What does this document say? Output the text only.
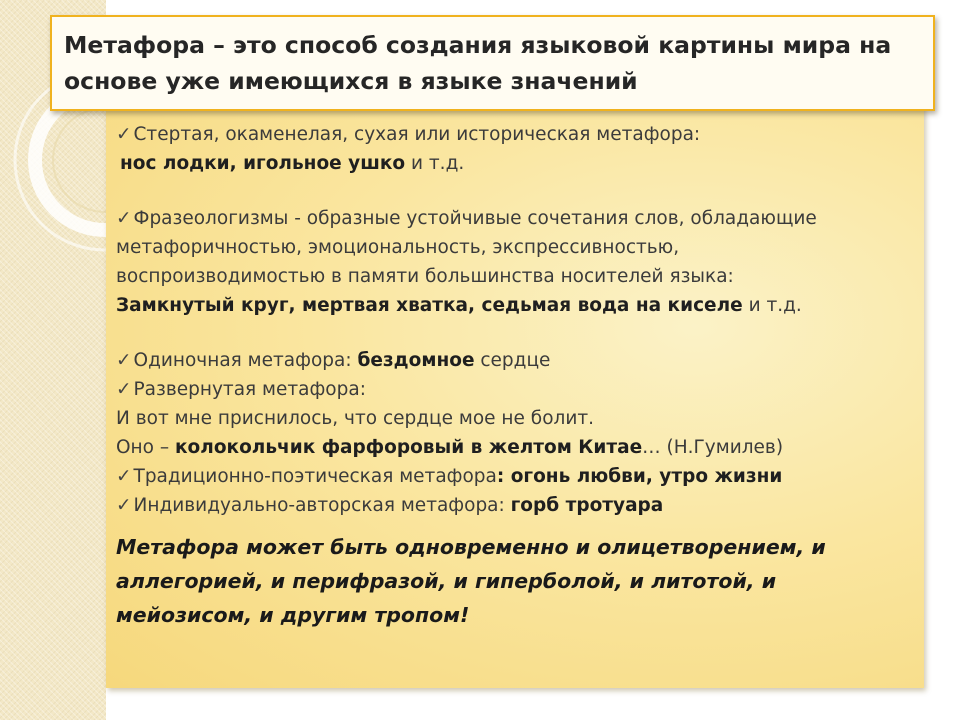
Метафора – это способ создания языковой картины мира на основе уже имеющихся в языке значений
✓ Стертая, окаменелая, сухая или историческая метафора:
нос лодки, игольное ушко и т.д.
✓ Фразеологизмы - образные устойчивые сочетания слов, обладающие
метафоричностью, эмоциональность, экспрессивностью,
воспроизводимостью в памяти большинства носителей языка:
Замкнутый круг, мертвая хватка, седьмая вода на киселе и т.д.
✓ Одиночная метафора: бездомное сердце
✓ Развернутая метафора:
И вот мне приснилось, что сердце мое не болит.
Оно – колокольчик фарфоровый в желтом Китае… (Н.Гумилев)
✓ Традиционно-поэтическая метафора: огонь любви, утро жизни
✓ Индивидуально-авторская метафора: горб тротуара
Метафора может быть одновременно и олицетворением, и аллегорией, и перифразой, и гиперболой, и литотой, и мейозисом, и другим тропом!
